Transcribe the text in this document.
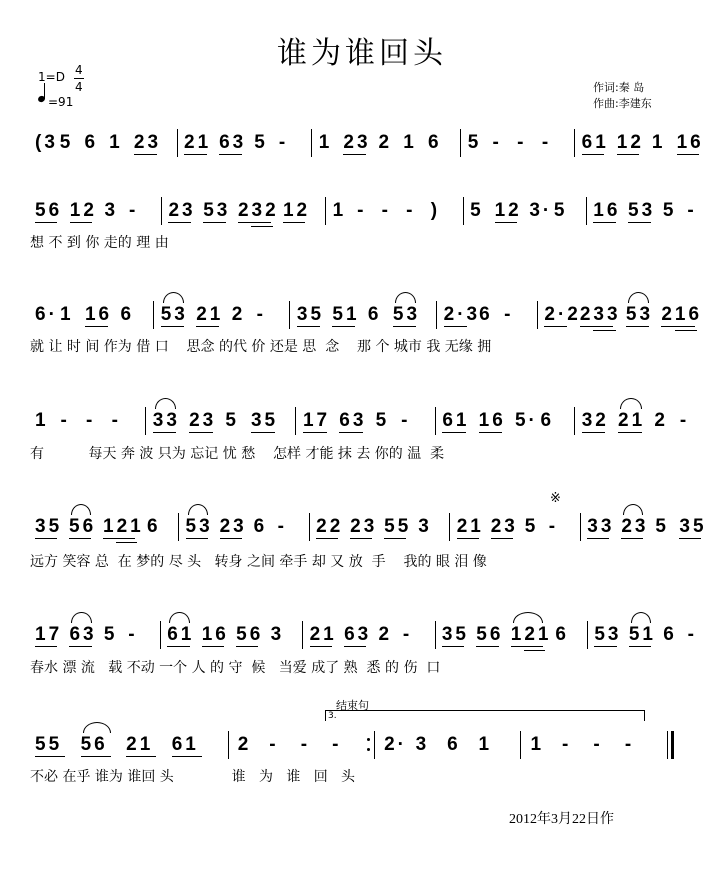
谁为谁回头
1=D 4
4
=91
作词:秦 岛
作曲:李建东
(3 5 6 1 23 21 63 5 - 1 23 2 1 6 5 - - - 61 12 1 16
56 12 3 - 23 53 232 12 1 - - - ) 5 12 3· 5 16 53 5 -
想 不 到 你 走的 理 由
6· 1 16 6 53 21 2 - 35 51 6 53 2·3 6 - 2·2 233 53 216
就 让 时 间 作为 借 口    思念 的代 价 还是 思  念    那 个 城市 我 无缘 拥
1 - - - 33 23 5 35 17 63 5 - 61 16 5· 6 32 21 2 -
有          每天 奔 波 只为 忘记 忧 愁    怎样 才能 抹 去 你的 温  柔
35 56 121 6 53 23 6 - 22 23 55 3 21 23 5 - 33 23 5 35
远方 笑容 总  在 梦的 尽 头   转身 之间 牵手 却 又 放  手    我的 眼 泪 像
17 63 5 - 61 16 56 3 21 63 2 - 35 56 121 6 53 51 6 -
春水 漂 流   载 不动 一个 人 的 守  候   当爱 成了 熟  悉 的 伤  口
55 56 21 61 2 - - - 2· 3 6 1 1 - - -
不必 在乎 谁为 谁回 头             谁   为   谁   回   头
结束句
3.
※
2012年3月22日作
